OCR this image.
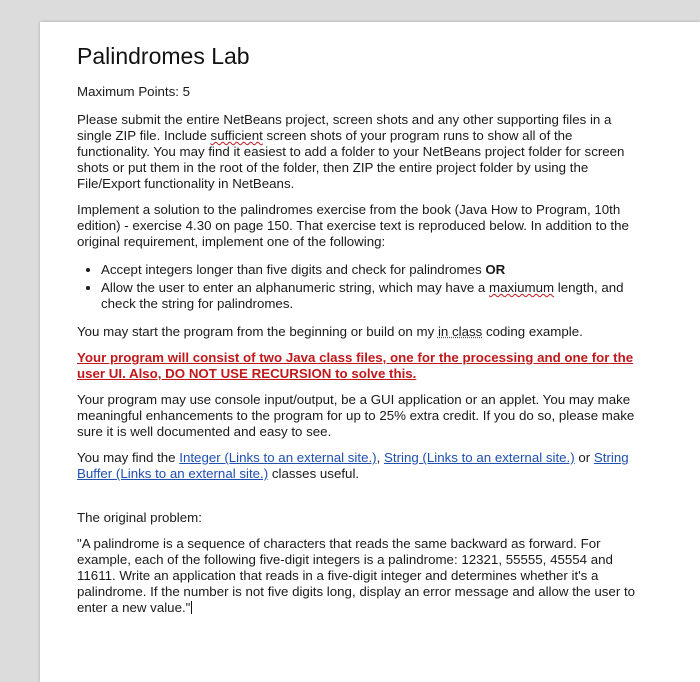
Palindromes Lab

Maximum Points: 5

Please submit the entire NetBeans project, screen shots and any other supporting files in a single ZIP file. Include sufficient screen shots of your program runs to show all of the functionality. You may find it easiest to add a folder to your NetBeans project folder for screen shots or put them in the root of the folder, then ZIP the entire project folder by using the File/Export functionality in NetBeans.

Implement a solution to the palindromes exercise from the book (Java How to Program, 10th edition) - exercise 4.30 on page 150. That exercise text is reproduced below. In addition to the original requirement, implement one of the following:

• Accept integers longer than five digits and check for palindromes OR
• Allow the user to enter an alphanumeric string, which may have a maxiumum length, and check the string for palindromes.

You may start the program from the beginning or build on my in class coding example.

Your program will consist of two Java class files, one for the processing and one for the user UI. Also, DO NOT USE RECURSION to solve this.

Your program may use console input/output, be a GUI application or an applet. You may make meaningful enhancements to the program for up to 25% extra credit. If you do so, please make sure it is well documented and easy to see.

You may find the Integer (Links to an external site.), String (Links to an external site.) or String Buffer (Links to an external site.) classes useful.

The original problem:

"A palindrome is a sequence of characters that reads the same backward as forward. For example, each of the following five-digit integers is a palindrome: 12321, 55555, 45554 and 11611. Write an application that reads in a five-digit integer and determines whether it's a palindrome. If the number is not five digits long, display an error message and allow the user to enter a new value."
